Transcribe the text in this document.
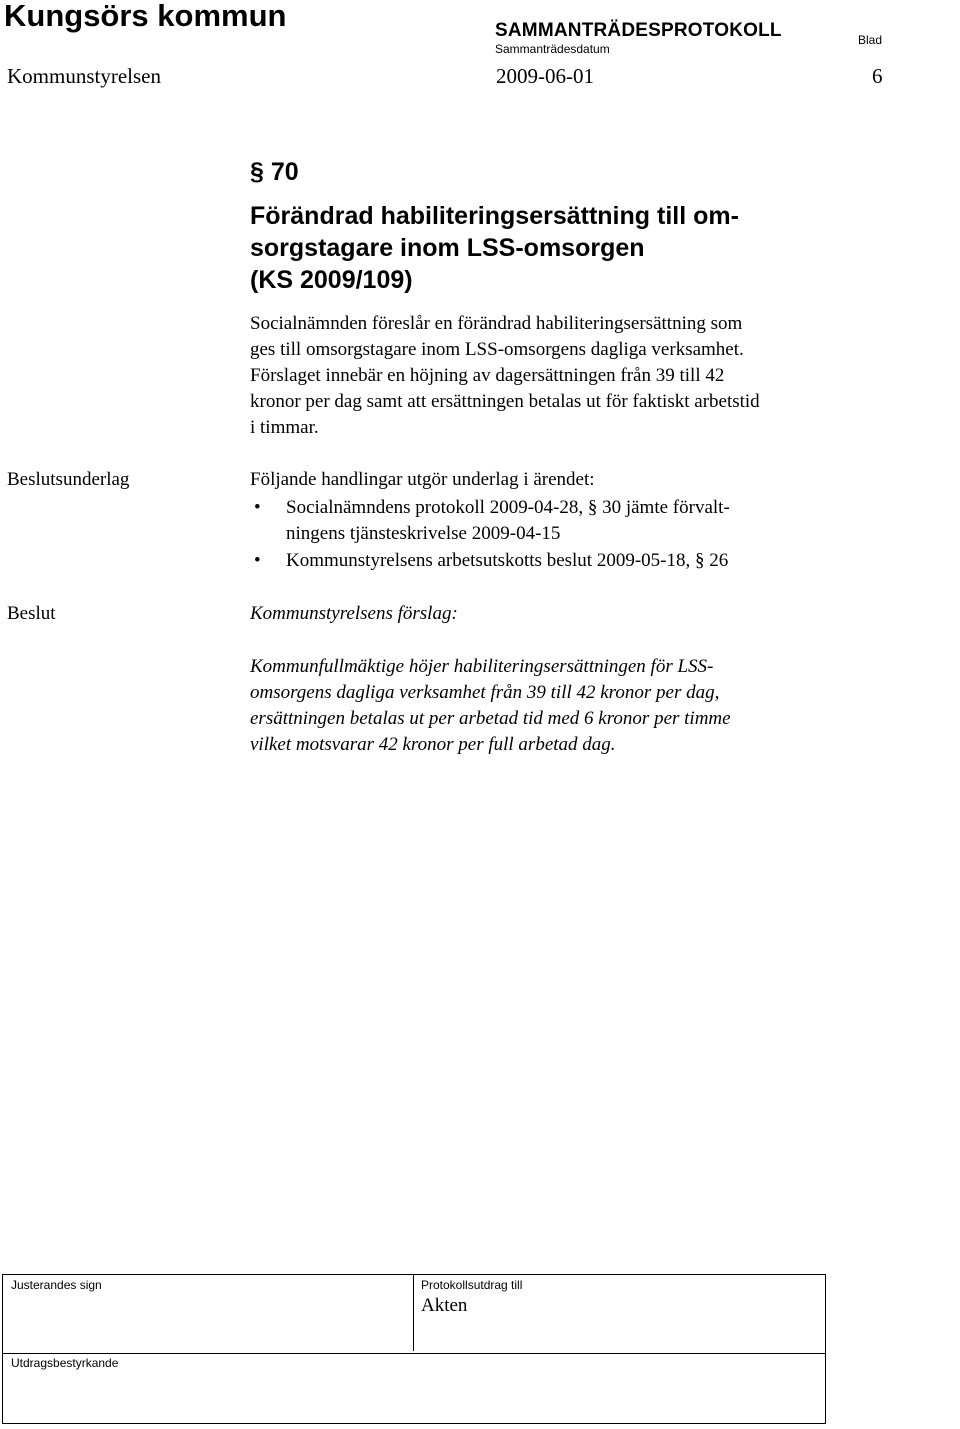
Kungsörs kommun	SAMMANTRÄDESPROTOKOLL
Sammanträdesdatum
Blad
Kommunstyrelsen	2009-06-01	6
§ 70
Förändrad habiliteringsersättning till om-
sorgstagare inom LSS-omsorgen
(KS 2009/109)
Socialnämnden föreslår en förändrad habiliteringsersättning som
ges till omsorgstagare inom LSS-omsorgens dagliga verksamhet.
Förslaget innebär en höjning av dagersättningen från 39 till 42
kronor per dag samt att ersättningen betalas ut för faktiskt arbetstid
i timmar.
Beslutsunderlag	Följande handlingar utgör underlag i ärendet:
• Socialnämndens protokoll 2009-04-28, § 30 jämte förvalt-
ningens tjänsteskrivelse 2009-04-15
• Kommunstyrelsens arbetsutskotts beslut 2009-05-18, § 26
Beslut	Kommunstyrelsens förslag:
Kommunfullmäktige höjer habiliteringsersättningen för LSS-
omsorgens dagliga verksamhet från 39 till 42 kronor per dag,
ersättningen betalas ut per arbetad tid med 6 kronor per timme
vilket motsvarar 42 kronor per full arbetad dag.
Justerandes sign	Protokollsutdrag till
Akten
Utdragsbestyrkande
